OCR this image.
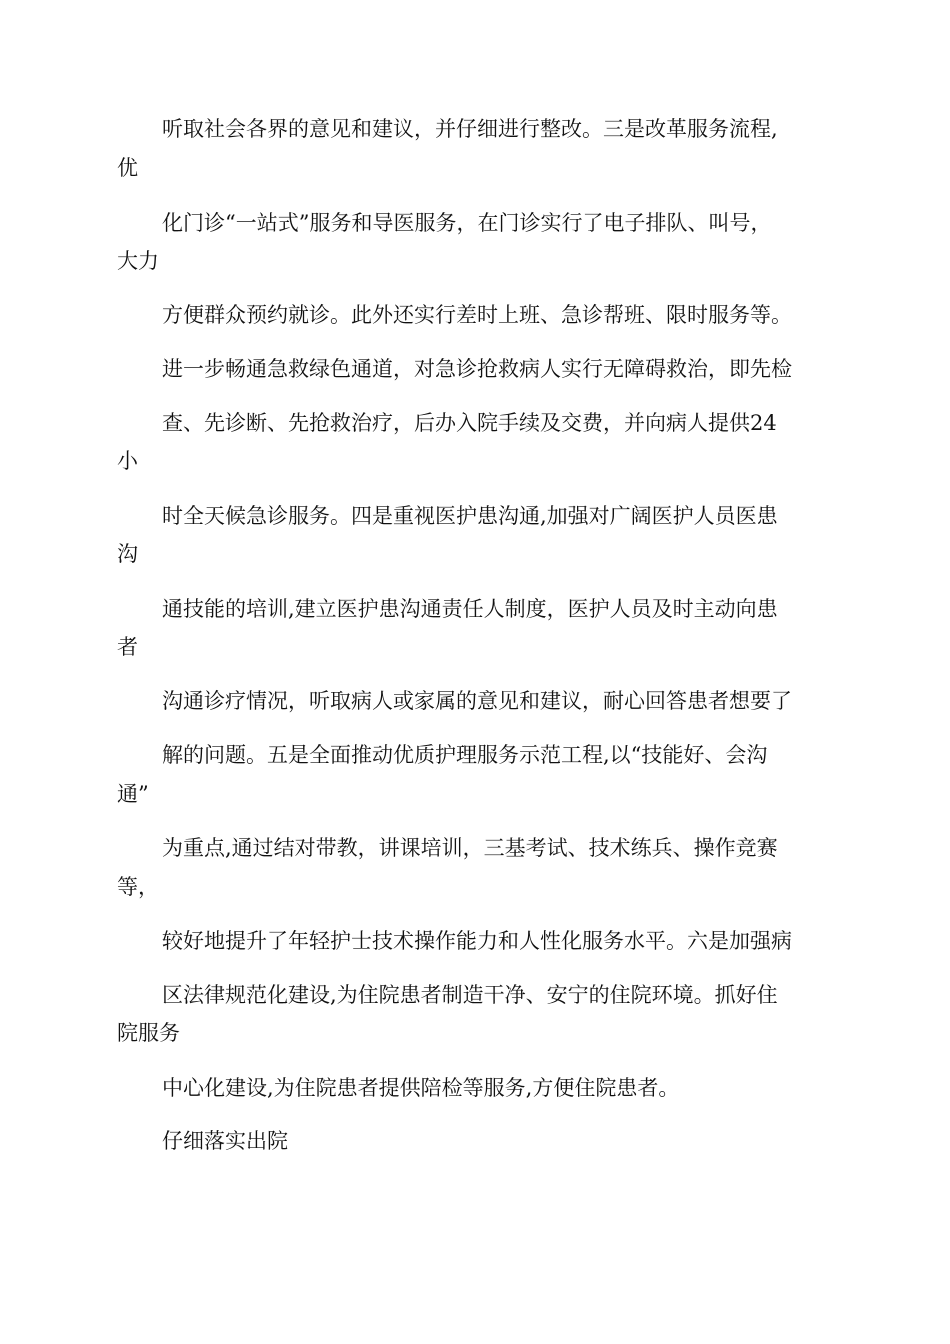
听取社会各界的意见和建议，并仔细进行整改。三是改革服务流程,

优

化门诊“一站式”服务和导医服务，在门诊实行了电子排队、叫号，

大力

方便群众预约就诊。此外还实行差时上班、急诊帮班、限时服务等。

进一步畅通急救绿色通道，对急诊抢救病人实行无障碍救治，即先检

查、先诊断、先抢救治疗，后办入院手续及交费，并向病人提供24

小

时全天候急诊服务。四是重视医护患沟通,加强对广阔医护人员医患

沟

通技能的培训,建立医护患沟通责任人制度，医护人员及时主动向患

者

沟通诊疗情况，听取病人或家属的意见和建议，耐心回答患者想要了

解的问题。五是全面推动优质护理服务示范工程,以“技能好、会沟

通”

为重点,通过结对带教，讲课培训，三基考试、技术练兵、操作竞赛

等，

较好地提升了年轻护士技术操作能力和人性化服务水平。六是加强病

区法律规范化建设,为住院患者制造干净、安宁的住院环境。抓好住

院服务

中心化建设,为住院患者提供陪检等服务,方便住院患者。

仔细落实出院
